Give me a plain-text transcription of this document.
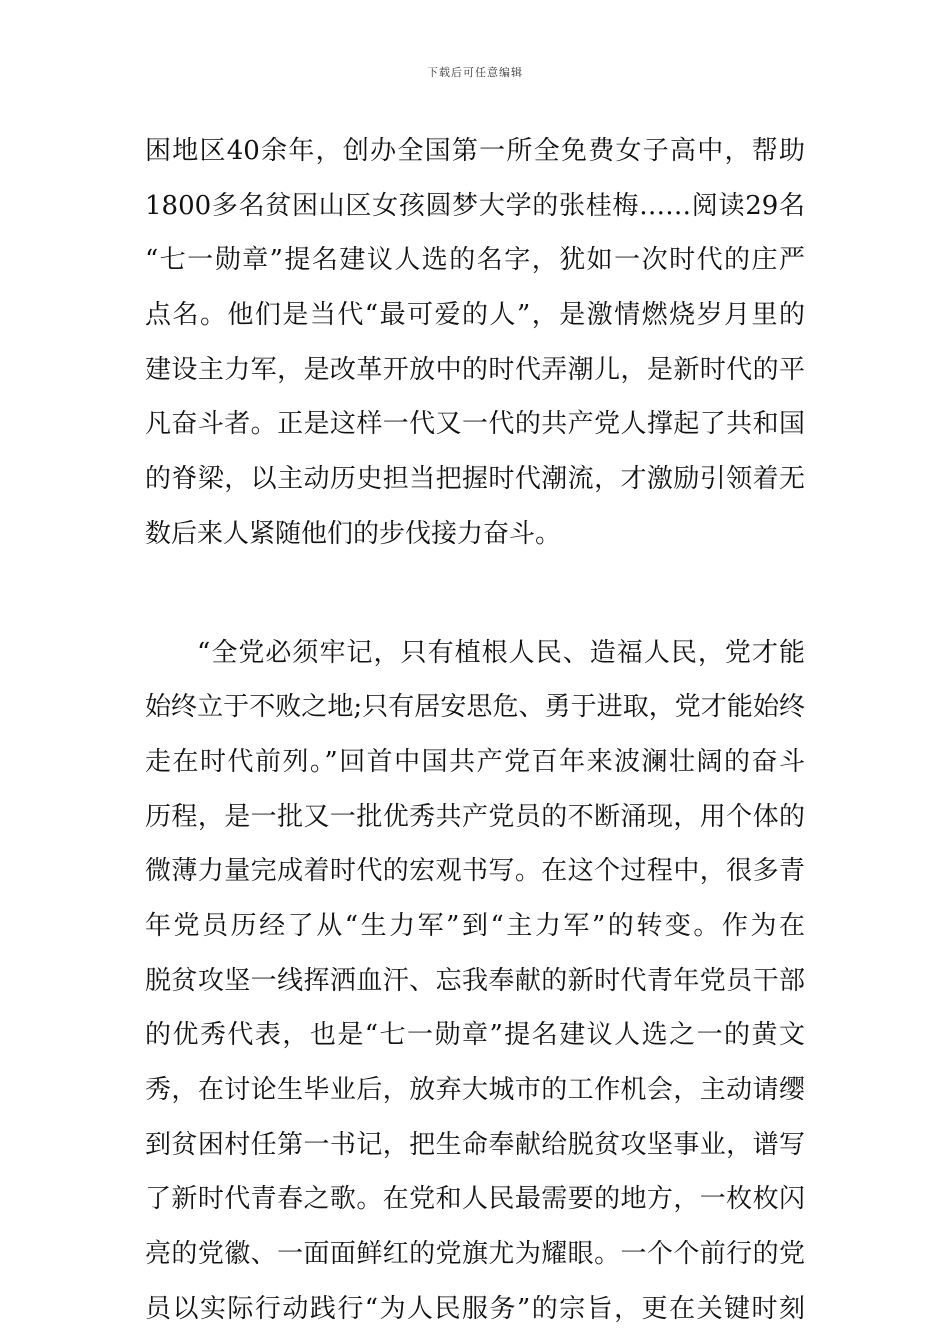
下载后可任意编辑
困地区40余年，创办全国第一所全免费女子高中，帮助
1800多名贫困山区女孩圆梦大学的张桂梅……阅读29名
“七一勋章”提名建议人选的名字，犹如一次时代的庄严
点名。他们是当代“最可爱的人”，是激情燃烧岁月里的
建设主力军，是改革开放中的时代弄潮儿，是新时代的平
凡奋斗者。正是这样一代又一代的共产党人撑起了共和国
的脊梁，以主动历史担当把握时代潮流，才激励引领着无
数后来人紧随他们的步伐接力奋斗。
“全党必须牢记，只有植根人民、造福人民，党才能
始终立于不败之地;只有居安思危、勇于进取，党才能始终
走在时代前列。”回首中国共产党百年来波澜壮阔的奋斗
历程，是一批又一批优秀共产党员的不断涌现，用个体的
微薄力量完成着时代的宏观书写。在这个过程中，很多青
年党员历经了从“生力军”到“主力军”的转变。作为在
脱贫攻坚一线挥洒血汗、忘我奉献的新时代青年党员干部
的优秀代表，也是“七一勋章”提名建议人选之一的黄文
秀，在讨论生毕业后，放弃大城市的工作机会，主动请缨
到贫困村任第一书记，把生命奉献给脱贫攻坚事业，谱写
了新时代青春之歌。在党和人民最需要的地方，一枚枚闪
亮的党徽、一面面鲜红的党旗尤为耀眼。一个个前行的党
员以实际行动践行“为人民服务”的宗旨，更在关键时刻
